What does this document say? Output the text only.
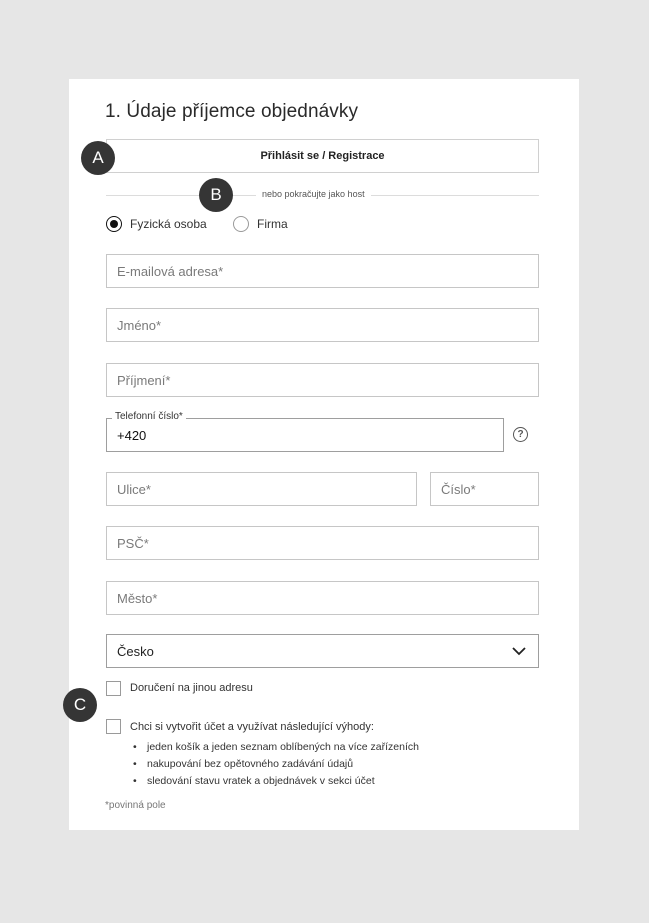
1. Údaje příjemce objednávky
Přihlásit se / Registrace
nebo pokračujte jako host
Fyzická osoba	Firma
E-mailová adresa*
Jméno*
Příjmení*
+420
Telefonní číslo*
?
Ulice*
Číslo*
PSČ*
Město*
Česko
Doručení na jinou adresu
Chci si vytvořit účet a využívat následující výhody:
• jeden košík a jeden seznam oblíbených na více zařízeních
• nakupování bez opětovného zadávání údajů
• sledování stavu vratek a objednávek v sekci účet
*povinná pole
A
B
C
